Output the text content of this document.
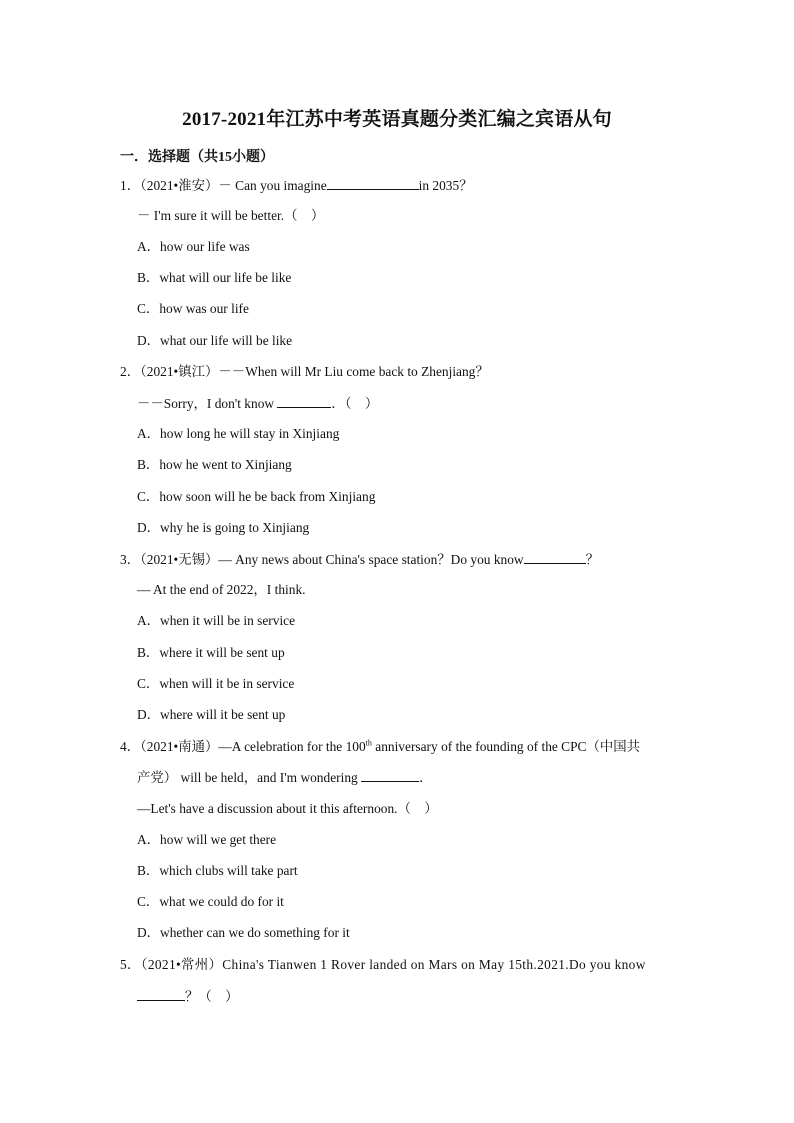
2017-2021年江苏中考英语真题分类汇编之宾语从句
一．选择题（共15小题）
1．（2021•淮安）－ Can you imagine	in 2035？
－ I'm sure it will be better.（　）
A．how our life was
B．what will our life be like
C．how was our life
D．what our life will be like
2．（2021•镇江）－－When will Mr Liu come back to Zhenjiang？
－－Sorry，I don't know	．（　）
A．how long he will stay in Xinjiang
B．how he went to Xinjiang
C．how soon will he be back from Xinjiang
D．why he is going to Xinjiang
3．（2021•无锡）— Any news about China's space station？Do you know	？
— At the end of 2022，I think.
A．when it will be in service
B．where it will be sent up
C．when will it be in service
D．where will it be sent up
4．（2021•南通）—A celebration for the 100th anniversary of the founding of the CPC（中国共
产党） will be held，and I'm wondering	．
—Let's have a discussion about it this afternoon.（　）
A．how will we get there
B．which clubs will take part
C．what we could do for it
D．whether can we do something for it
5．（2021•常州）China's Tianwen 1 Rover landed on Mars on May 15th.2021.Do you know
？（　）
